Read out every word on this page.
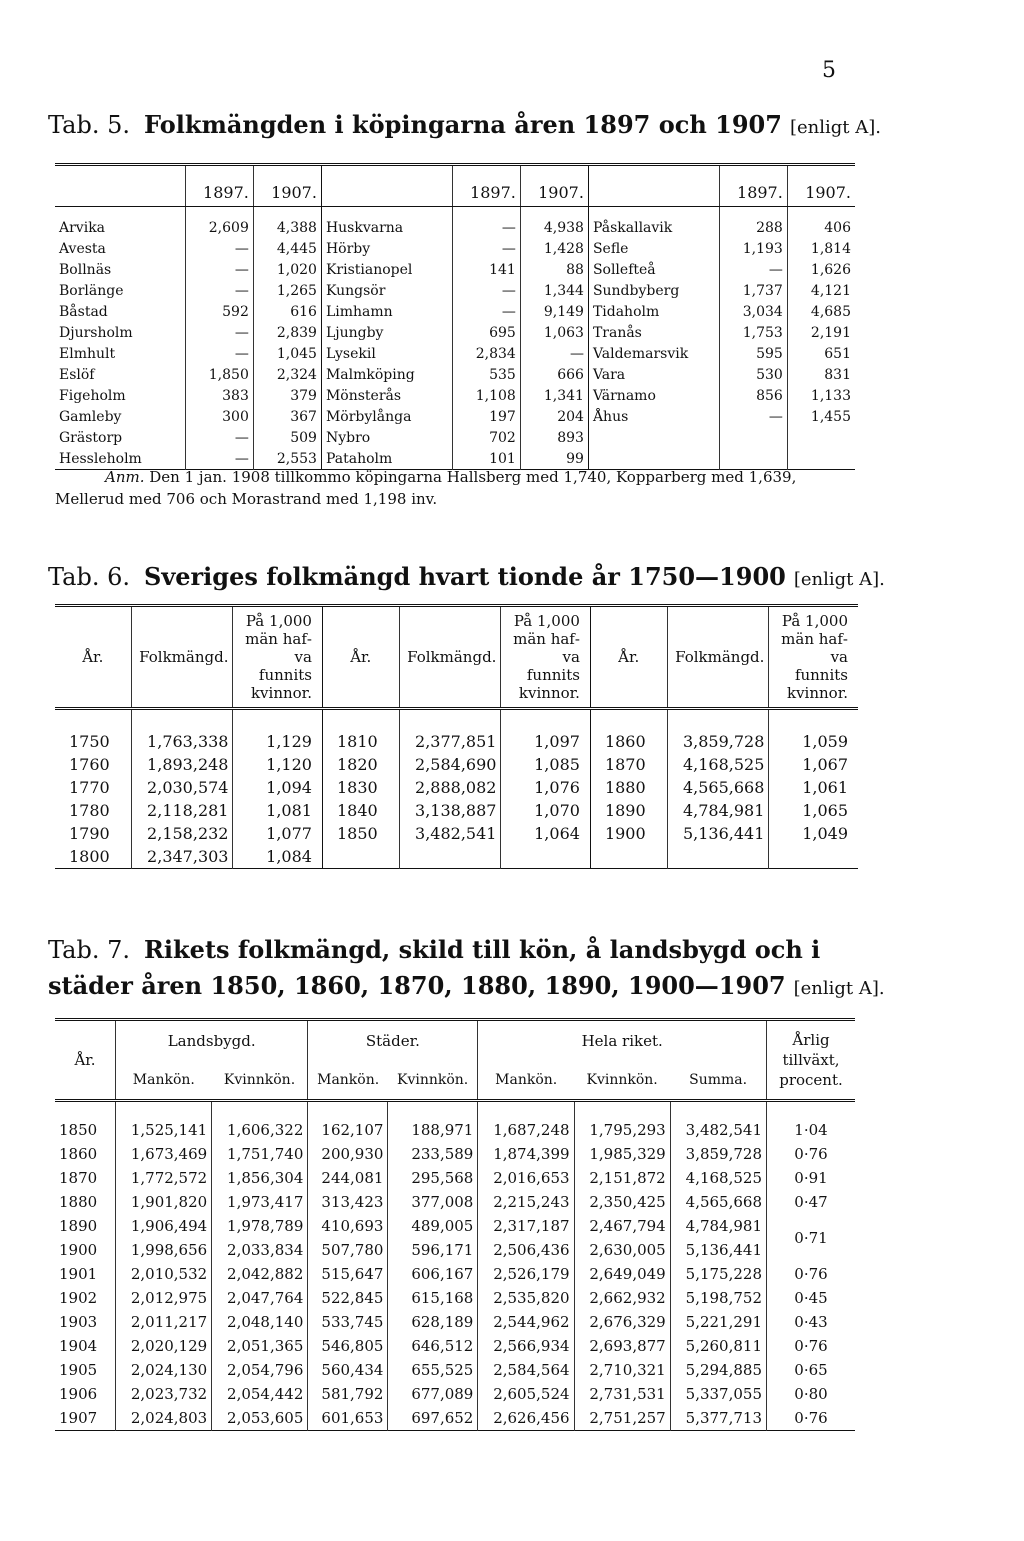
5
Tab. 5. Folkmängden i köpingarna åren 1897 och 1907 [enligt A].
	1897.	1907.		1897.	1907.		1897.	1907.
Arvika	2,609	4,388	Huskvarna	—	4,938	Påskallavik	288	406
Avesta	—	4,445	Hörby	—	1,428	Sefle	1,193	1,814
Bollnäs	—	1,020	Kristianopel	141	88	Sollefteå	—	1,626
Borlänge	—	1,265	Kungsör	—	1,344	Sundbyberg	1,737	4,121
Båstad	592	616	Limhamn	—	9,149	Tidaholm	3,034	4,685
Djursholm	—	2,839	Ljungby	695	1,063	Tranås	1,753	2,191
Elmhult	—	1,045	Lysekil	2,834	—	Valdemarsvik	595	651
Eslöf	1,850	2,324	Malmköping	535	666	Vara	530	831
Figeholm	383	379	Mönsterås	1,108	1,341	Värnamo	856	1,133
Gamleby	300	367	Mörbylånga	197	204	Åhus	—	1,455
Grästorp	—	509	Nybro	702	893			
Hessleholm	—	2,553	Pataholm	101	99			
Anm. Den 1 jan. 1908 tillkommo köpingarna Hallsberg med 1,740, Kopparberg med 1,639, Mellerud med 706 och Morastrand med 1,198 inv.
Tab. 6. Sveriges folkmängd hvart tionde år 1750—1900 [enligt A].
År.	Folkmängd.	På 1,000 män hafva funnits kvinnor.	År.	Folkmängd.	På 1,000 män hafva funnits kvinnor.	År.	Folkmängd.	På 1,000 män hafva funnits kvinnor.
1750	1,763,338	1,129	1810	2,377,851	1,097	1860	3,859,728	1,059
1760	1,893,248	1,120	1820	2,584,690	1,085	1870	4,168,525	1,067
1770	2,030,574	1,094	1830	2,888,082	1,076	1880	4,565,668	1,061
1780	2,118,281	1,081	1840	3,138,887	1,070	1890	4,784,981	1,065
1790	2,158,232	1,077	1850	3,482,541	1,064	1900	5,136,441	1,049
1800	2,347,303	1,084						
Tab. 7. Rikets folkmängd, skild till kön, å landsbygd och i städer åren 1850, 1860, 1870, 1880, 1890, 1900—1907 [enligt A].
År.	Landsbygd.		Städer.		Hela riket.			Årlig tillväxt, procent.
	Mankön.	Kvinnkön.	Mankön.	Kvinnkön.	Mankön.	Kvinnkön.	Summa.	
1850	1,525,141	1,606,322	162,107	188,971	1,687,248	1,795,293	3,482,541	1·04
1860	1,673,469	1,751,740	200,930	233,589	1,874,399	1,985,329	3,859,728	0·76
1870	1,772,572	1,856,304	244,081	295,568	2,016,653	2,151,872	4,168,525	0·91
1880	1,901,820	1,973,417	313,423	377,008	2,215,243	2,350,425	4,565,668	0·47
1890	1,906,494	1,978,789	410,693	489,005	2,317,187	2,467,794	4,784,981	0·71
1900	1,998,656	2,033,834	507,780	596,171	2,506,436	2,630,005	5,136,441	
1901	2,010,532	2,042,882	515,647	606,167	2,526,179	2,649,049	5,175,228	0·76
1902	2,012,975	2,047,764	522,845	615,168	2,535,820	2,662,932	5,198,752	0·45
1903	2,011,217	2,048,140	533,745	628,189	2,544,962	2,676,329	5,221,291	0·43
1904	2,020,129	2,051,365	546,805	646,512	2,566,934	2,693,877	5,260,811	0·76
1905	2,024,130	2,054,796	560,434	655,525	2,584,564	2,710,321	5,294,885	0·65
1906	2,023,732	2,054,442	581,792	677,089	2,605,524	2,731,531	5,337,055	0·80
1907	2,024,803	2,053,605	601,653	697,652	2,626,456	2,751,257	5,377,713	0·76
